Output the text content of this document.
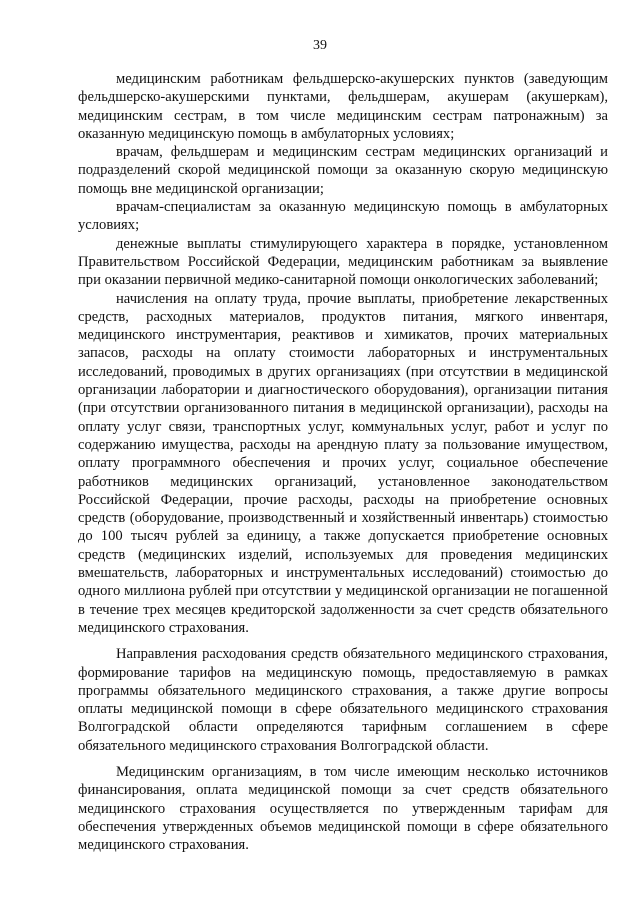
39

медицинским работникам фельдшерско-акушерских пунктов (заведующим фельдшерско-акушерскими пунктами, фельдшерам, акушерам (акушеркам), медицинским сестрам, в том числе медицинским сестрам патронажным) за оказанную медицинскую помощь в амбулаторных условиях;

врачам, фельдшерам и медицинским сестрам медицинских организаций и подразделений скорой медицинской помощи за оказанную скорую медицинскую помощь вне медицинской организации;

врачам-специалистам за оказанную медицинскую помощь в амбулаторных условиях;

денежные выплаты стимулирующего характера в порядке, установленном Правительством Российской Федерации, медицинским работникам за выявление при оказании первичной медико-санитарной помощи онкологических заболеваний;

начисления на оплату труда, прочие выплаты, приобретение лекарственных средств, расходных материалов, продуктов питания, мягкого инвентаря, медицинского инструментария, реактивов и химикатов, прочих материальных запасов, расходы на оплату стоимости лабораторных и инструментальных исследований, проводимых в других организациях (при отсутствии в медицинской организации лаборатории и диагностического оборудования), организации питания (при отсутствии организованного питания в медицинской организации), расходы на оплату услуг связи, транспортных услуг, коммунальных услуг, работ и услуг по содержанию имущества, расходы на арендную плату за пользование имуществом, оплату программного обеспечения и прочих услуг, социальное обеспечение работников медицинских организаций, установленное законодательством Российской Федерации, прочие расходы, расходы на приобретение основных средств (оборудование, производственный и хозяйственный инвентарь) стоимостью до 100 тысяч рублей за единицу, а также допускается приобретение основных средств (медицинских изделий, используемых для проведения медицинских вмешательств, лабораторных и инструментальных исследований) стоимостью до одного миллиона рублей при отсутствии у медицинской организации не погашенной в течение трех месяцев кредиторской задолженности за счет средств обязательного медицинского страхования.

Направления расходования средств обязательного медицинского страхования, формирование тарифов на медицинскую помощь, предоставляемую в рамках программы обязательного медицинского страхования, а также другие вопросы оплаты медицинской помощи в сфере обязательного медицинского страхования Волгоградской области определяются тарифным соглашением в сфере обязательного медицинского страхования Волгоградской области.

Медицинским организациям, в том числе имеющим несколько источников финансирования, оплата медицинской помощи за счет средств обязательного медицинского страхования осуществляется по утвержденным тарифам для обеспечения утвержденных объемов медицинской помощи в сфере обязательного медицинского страхования.
